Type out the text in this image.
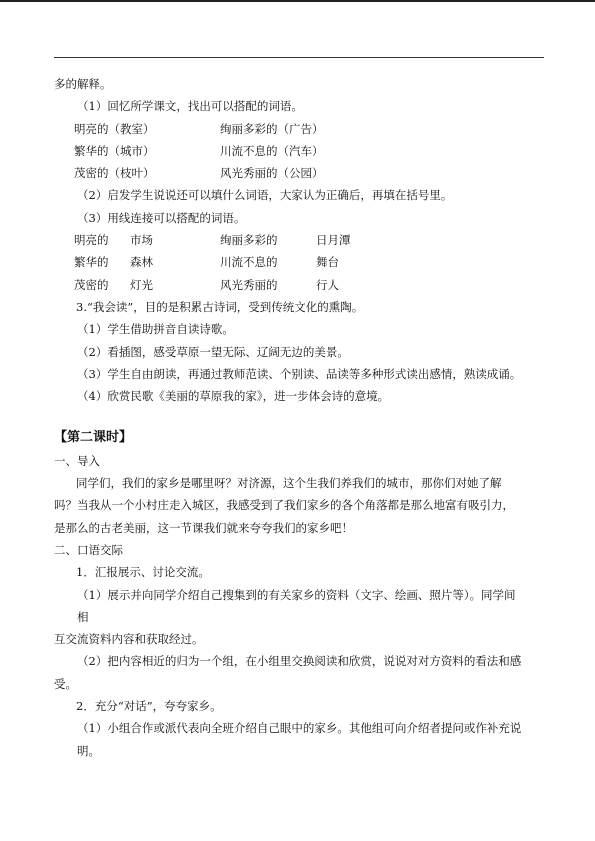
多的解释。
（1）回忆所学课文，找出可以搭配的词语。
明亮的（教室）	绚丽多彩的（广告）
繁华的（城市）	川流不息的（汽车）
茂密的（枝叶）	风光秀丽的（公园）
（2）启发学生说说还可以填什么词语，大家认为正确后，再填在括号里。
（3）用线连接可以搭配的词语。
明亮的	市场	绚丽多彩的	日月潭
繁华的	森林	川流不息的	舞台
茂密的	灯光	风光秀丽的	行人
3.“我会读”，目的是积累古诗词，受到传统文化的熏陶。
（1）学生借助拼音自读诗歌。
（2）看插图，感受草原一望无际、辽阔无边的美景。
（3）学生自由朗读，再通过教师范读、个别读、品读等多种形式读出感情，熟读成诵。
（4）欣赏民歌《美丽的草原我的家》，进一步体会诗的意境。
【第二课时】
一、导入
同学们，我们的家乡是哪里呀？对济源，这个生我们养我们的城市，那你们对她了解
吗？当我从一个小村庄走入城区，我感受到了我们家乡的各个角落都是那么地富有吸引力，
是那么的古老美丽，这一节课我们就来夸夸我们的家乡吧！
二、口语交际
1．汇报展示、讨论交流。
（1）展示并向同学介绍自己搜集到的有关家乡的资料（文字、绘画、照片等）。同学间
相
互交流资料内容和获取经过。
（2）把内容相近的归为一个组，在小组里交换阅读和欣赏，说说对对方资料的看法和感
受。
2．充分“对话”，夸夸家乡。
（1）小组合作或派代表向全班介绍自己眼中的家乡。其他组可向介绍者提问或作补充说
明。
